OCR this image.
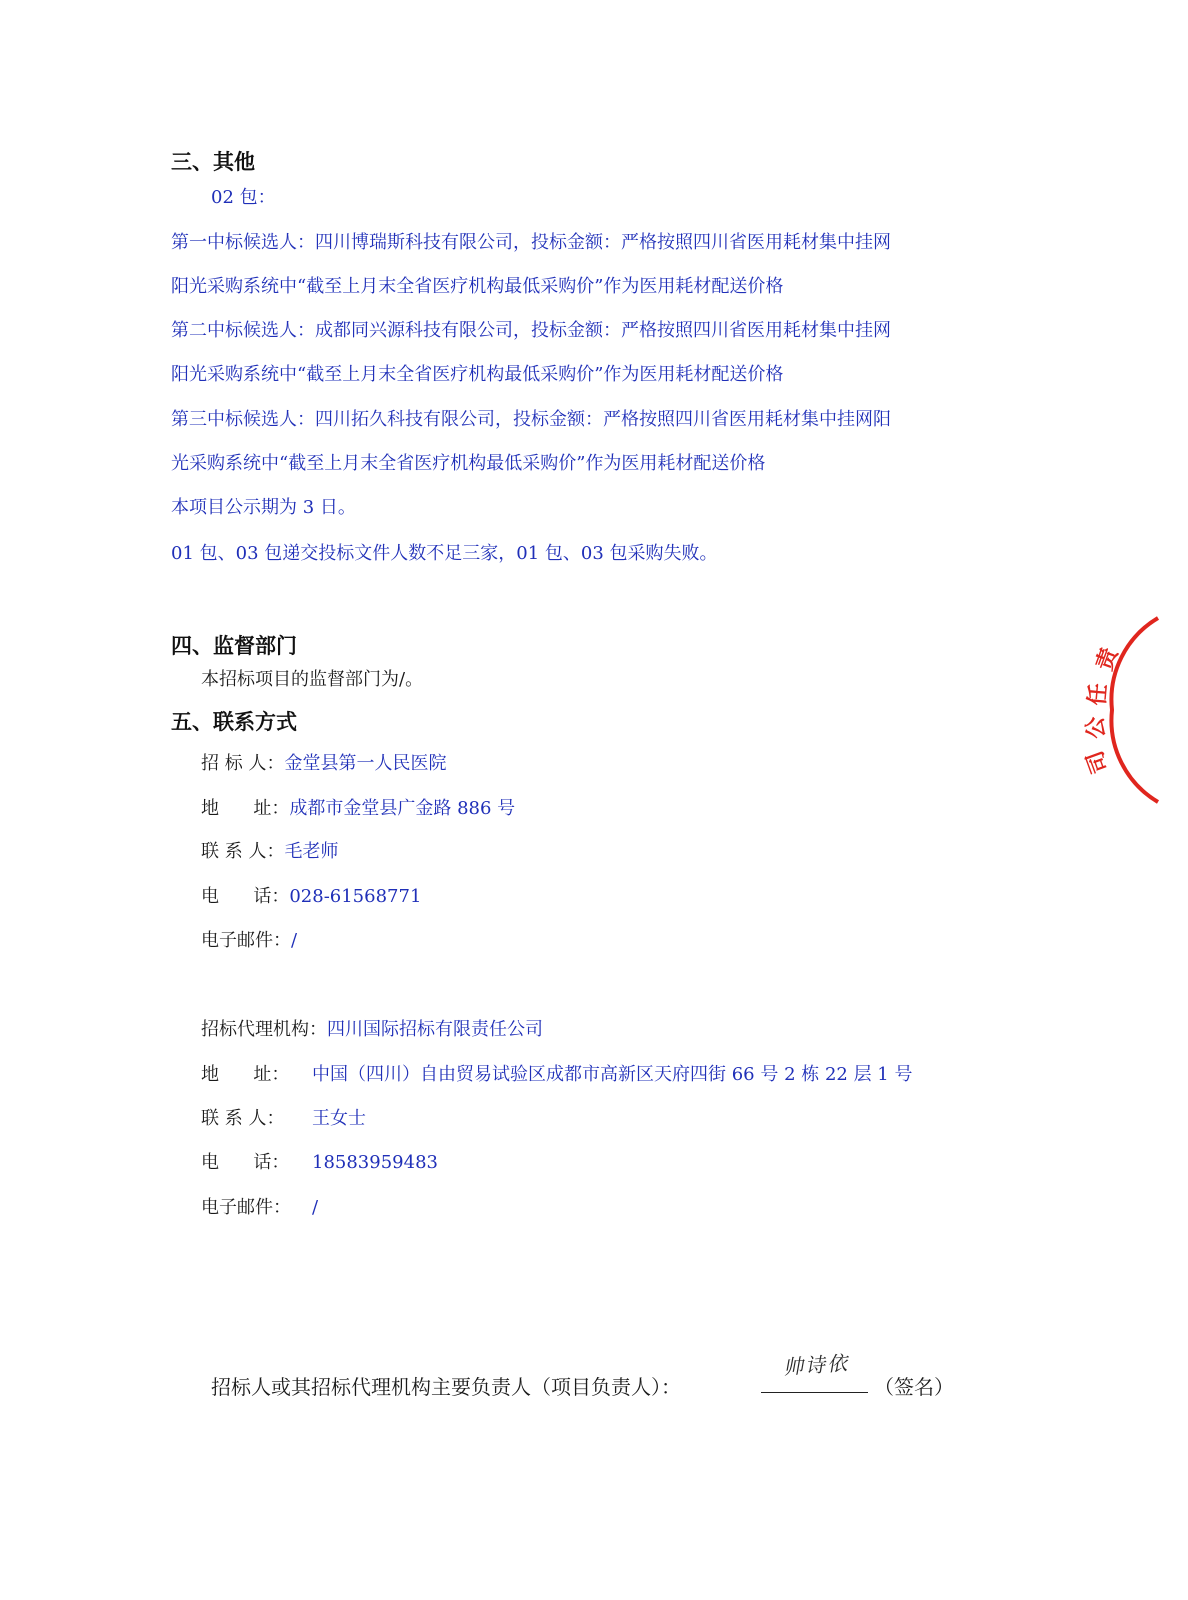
三、其他
02 包：
第一中标候选人：四川博瑞斯科技有限公司，投标金额：严格按照四川省医用耗材集中挂网
阳光采购系统中“截至上月末全省医疗机构最低采购价”作为医用耗材配送价格
第二中标候选人：成都同兴源科技有限公司，投标金额：严格按照四川省医用耗材集中挂网
阳光采购系统中“截至上月末全省医疗机构最低采购价”作为医用耗材配送价格
第三中标候选人：四川拓久科技有限公司，投标金额：严格按照四川省医用耗材集中挂网阳
光采购系统中“截至上月末全省医疗机构最低采购价”作为医用耗材配送价格
本项目公示期为 3 日。
01 包、03 包递交投标文件人数不足三家，01 包、03 包采购失败。
四、监督部门
本招标项目的监督部门为/。
五、联系方式
招 标 人：金堂县第一人民医院
地      址：成都市金堂县广金路 886 号
联 系 人：毛老师
电      话：028-61568771
电子邮件：/
招标代理机构：四川国际招标有限责任公司
地      址： 中国（四川）自由贸易试验区成都市高新区天府四街 66 号 2 栋 22 层 1 号
联 系 人： 王女士
电      话： 18583959483
电子邮件： /
招标人或其招标代理机构主要负责人（项目负责人）：
帅诗依
（签名）
责
任
公
司
